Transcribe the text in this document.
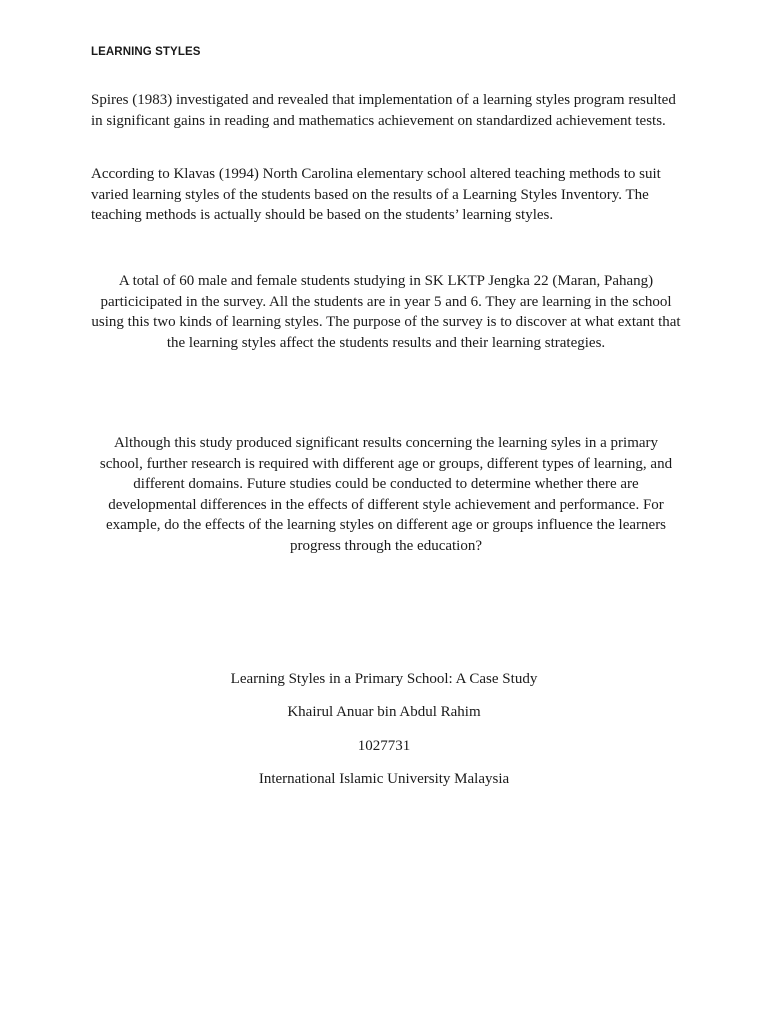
LEARNING STYLES

Spires (1983) investigated and revealed that implementation of a learning styles program resulted in significant gains in reading and mathematics achievement on standardized achievement tests.

According to Klavas (1994) North Carolina elementary school altered teaching methods to suit varied learning styles of the students based on the results of a Learning Styles Inventory. The teaching methods is actually should be based on the students’ learning styles.

A total of 60 male and female students studying in SK LKTP Jengka 22 (Maran, Pahang) particicipated in the survey. All the students are in year 5 and 6. They are learning in the school using this two kinds of learning styles. The purpose of the survey is to discover at what extant that the learning styles affect the students results and their learning strategies.

Although this study produced significant results concerning the learning syles in a primary school, further research is required with different age or groups, different types of learning, and different domains. Future studies could be conducted to determine whether there are developmental differences in the effects of different style achievement and performance. For example, do the effects of the learning styles on different age or groups influence the learners progress through the education?

Learning Styles in a Primary School: A Case Study

Khairul Anuar bin Abdul Rahim

1027731

International Islamic University Malaysia
